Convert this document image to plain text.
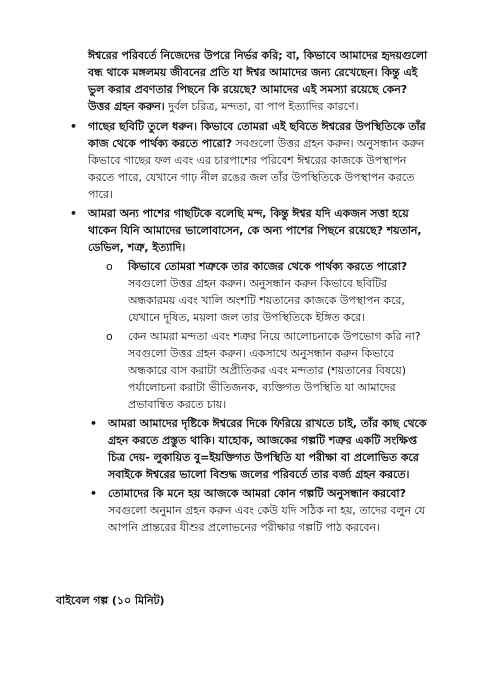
ঈশ্বরের পরিবর্তে নিজেদের উপরে নির্ভর করি; বা, কিভাবে আমাদের হৃদয়গুলো বন্ধ থাকে মঙ্গলময় জীবনের প্রতি যা ঈশ্বর আমাদের জন্য রেখেছেন। কিন্তু এই ভুল করার প্রবণতার পিছনে কি রয়েছে? আমাদের এই সমস্যা রয়েছে কেন? উত্তর গ্রহন করুন। দুর্বল চরিত্র, মন্দতা, বা পাপ ইত্যাদির কারণে।

• গাছের ছবিটি তুলে ধরুন। কিভাবে তোমরা এই ছবিতে ঈশ্বরের উপস্থিতিকে তাঁর কাজ থেকে পার্থক্য করতে পারো? সবগুলো উত্তর গ্রহন করুন। অনুসন্ধান করুন কিভাবে গাছের ফল এবং এর চারপাশের পরিবেশ ঈশ্বরের কাজকে উপস্থাপন করতে পারে, যেখানে গাঢ় নীল রঙের জল তাঁর উপস্থিতিকে উপস্থাপন করতে পারে।

• আমরা অন্য পাশের গাছটিকে বলেছি মন্দ, কিন্তু ঈশ্বর যদি একজন সত্তা হয়ে থাকেন যিনি আমাদের ভালোবাসেন, কে অন্য পাশের পিছনে রয়েছে? শয়তান, ডেভিল, শত্রু, ইত্যাদি।

o কিভাবে তোমরা শত্রুকে তার কাজের থেকে পার্থক্য করতে পারো? সবগুলো উত্তর গ্রহন করুন। অনুসন্ধান করুন কিভাবে ছবিটির অন্ধকারময় এবং খালি অংশটি শয়তানের কাজকে উপস্থাপন করে, যেখানে দূষিত, ময়লা জল তার উপস্থিতিকে ইঙ্গিত করে।

o কেন আমরা মন্দতা এবং শত্রুর নিয়ে আলোচনাকে উপভোগ করি না? সবগুলো উত্তর গ্রহন করুন। একসাথে অনুসন্ধান করুন কিভাবে অন্ধকারে বাস করাটা অপ্রীতিকর এবং মন্দতার (শয়তানের বিষয়ে) পর্যালোচনা করাটা ভীতিজনক, ব্যক্তিগত উপস্থিতি যা আমাদের প্রভাবান্বিত করতে চায়।

• আমরা আমাদের দৃষ্টিকে ঈশ্বরের দিকে ফিরিয়ে রাখতে চাই, তাঁর কাছ থেকে গ্রহন করতে প্রস্তুত থাকি। যাহোক, আজকের গল্পটি শত্রুর একটি সংক্ষিপ্ত চিত্র দেয়- লুকায়িত বু=ইয়ক্তিগত উপস্থিতি যা পরীক্ষা বা প্রলোভিত করে সবাইকে ঈশ্বরের ভালো বিশুদ্ধ জলের পরিবর্তে তার বর্জ্য গ্রহন করতে।

• তোমাদের কি মনে হয় আজকে আমরা কোন গল্পটি অনুসন্ধান করবো? সবগুলো অনুমান গ্রহন করুন এবং কেউ যদি সঠিক না হয়, তাদের বলুন যে আপনি প্রান্তরের যীশুর প্রলোভনের পরীক্ষার গল্পটি পাঠ করবেন।

বাইবেল গল্প (১০ মিনিট)
